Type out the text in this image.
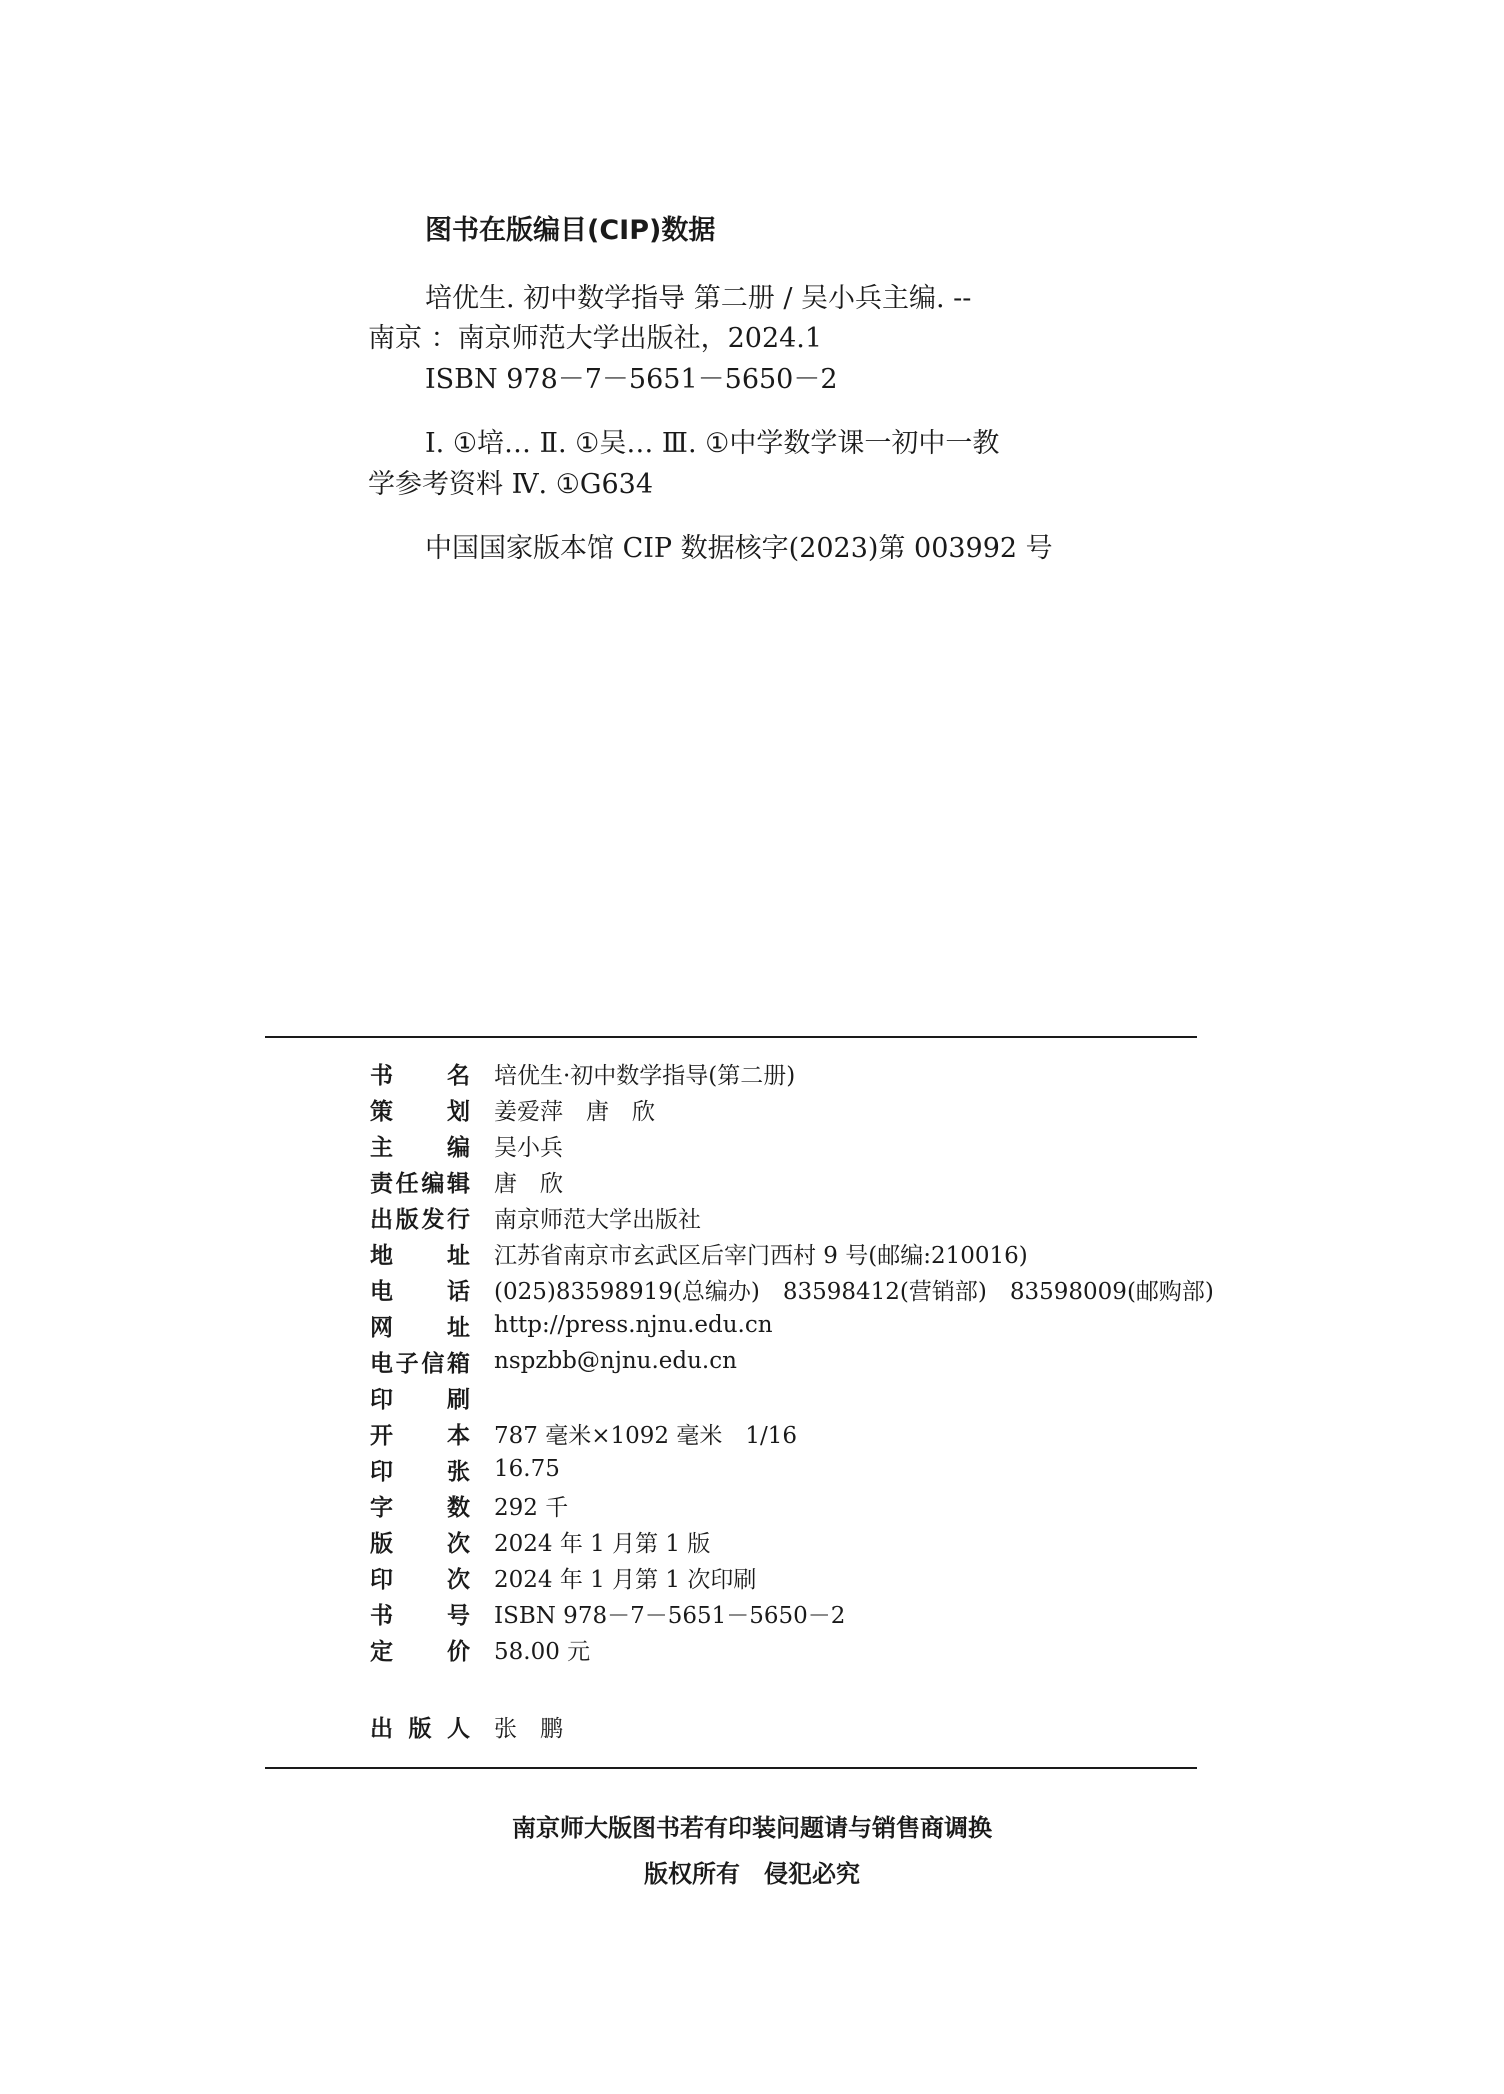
图书在版编目(CIP)数据
培优生. 初中数学指导 第二册 / 吴小兵主编. --
南京 ：南京师范大学出版社，2024.1
ISBN 978－7－5651－5650－2
Ⅰ. ①培… Ⅱ. ①吴… Ⅲ. ①中学数学课一初中一教
学参考资料 Ⅳ. ①G634
中国国家版本馆 CIP 数据核字(2023)第 003992 号
书名 培优生·初中数学指导(第二册)
策划 姜爱萍　唐　欣
主编 吴小兵
责任编辑 唐　欣
出版发行 南京师范大学出版社
地址 江苏省南京市玄武区后宰门西村 9 号(邮编:210016)
电话 (025)83598919(总编办)　83598412(营销部)　83598009(邮购部)
网址 http://press.njnu.edu.cn
电子信箱 nspzbb@njnu.edu.cn
印刷
开本 787 毫米×1092 毫米　1/16
印张 16.75
字数 292 千
版次 2024 年 1 月第 1 版
印次 2024 年 1 月第 1 次印刷
书号 ISBN 978－7－5651－5650－2
定价 58.00 元
出版人 张　鹏
南京师大版图书若有印装问题请与销售商调换
版权所有　侵犯必究
